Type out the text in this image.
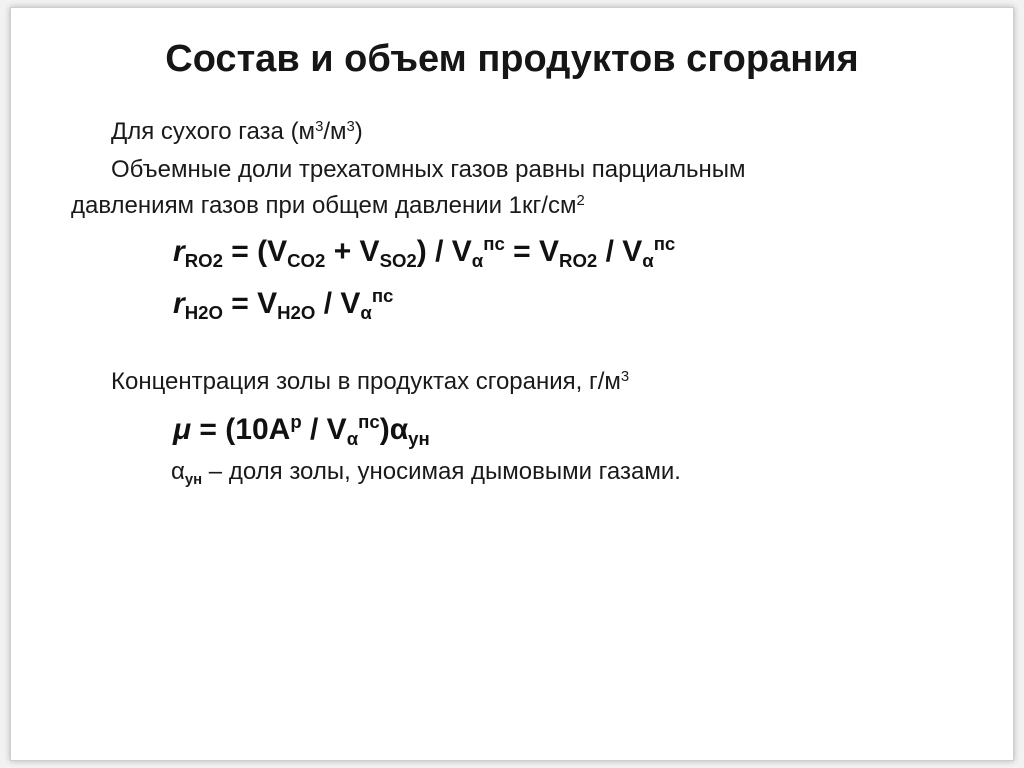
Состав и объем продуктов сгорания
Для сухого газа $(м^3/м^3)$
Объемные доли трехатомных газов равны парциальным
давлениям газов при общем давлении $1кг/см^2$
$r_{RO2} = (V_{CO2} + V_{SO2}) / V_\alpha^{пс} = V_{RO2} / V_\alpha^{пс}$
$r_{H2O} = V_{H2O} / V_\alpha^{пс}$
Концентрация золы в продуктах сгорания, $г/м^3$
$\mu = (10A^р / V_\alpha^{пс})\alpha_{ун}$
$\alpha_{ун}$ – доля золы, уносимая дымовыми газами.
